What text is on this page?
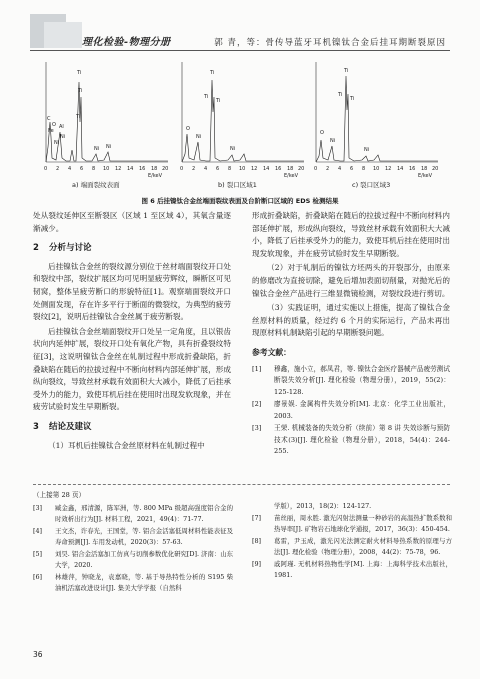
理化检验-物理分册	郭 青，等：骨传导蓝牙耳机镍钛合金后挂耳期断裂原因
Ti
Ti
Ti
C
O
Fe
Al
Ni
Ni
Ni Ni
0 2 4 6 8 10 12 14 16 18 20
E/keV
Ti
Ti
Ti
O
Ni
Ni
0 2 4 6 8 10 12 14 16 18 20
E/keV
Ti
Ti
Ti
O
Ni
Ni
0 2 4 6 8 10 12 14 16 18 20
E/keV
a) 端面裂纹表面	b) 裂口区域1	c) 裂口区域3
图 6 后挂镍钛合金丝端面裂纹表面及台阶断口区域的 EDS 检测结果

处从裂纹延伸区至断裂区（区域 1 至区域 4），其氧含量逐渐减少。

2 分析与讨论

后挂镍钛合金丝的裂纹源分别位于丝材端面裂纹开口处和裂纹中部，裂纹扩展区均可见明显疲劳辉纹，瞬断区可见韧窝，整体呈疲劳断口的形貌特征[1]。观察端面裂纹开口处侧面发现，存在许多平行于断面的微裂纹，为典型的疲劳裂纹[2]，说明后挂镍钛合金丝属于疲劳断裂。

后挂镍钛合金丝端面裂纹开口处呈一定角度，且以银齿状向内延伸扩展，裂纹开口处有氧化产物，具有折叠裂纹特征[3]，这说明镍钛合金丝在轧制过程中形成折叠缺陷，折叠缺陷在随后的拉拔过程中不断向材料内部延伸扩展，形成纵向裂纹，导致丝材承载有效面积大大减小，降低了后挂承受外力的能力，致使耳机后挂在使用时出现发软现象，并在疲劳试验时发生早期断裂。

3 结论及建议

（1）耳机后挂镍钛合金丝原材料在轧制过程中

形成折叠缺陷，折叠缺陷在随后的拉拔过程中不断向材料内部延伸扩展，形成纵向裂纹，导致丝材承载有效面积大大减小，降低了后挂承受外力的能力，致使耳机后挂在使用时出现发软现象，并在疲劳试验时发生早期断裂。

（2）对于轧制后的镍钛方坯两头的开裂部分，由原来的修磨改为直接切除，避免后增加表面切削量，对抛光后的镍钛合金丝产品进行三维显微镜检测，对裂纹段进行剪切。

（3）实践证明，通过实施以上措施，提高了镍钛合金丝原材料的质量，经过约 6 个月的实际运行，产品未再出现原材料轧制缺陷引起的早期断裂问题。

参考文献：
[1]	穆鑫，施小立，郝凤君，等. 镍钛合金医疗器械产品疲劳测试断裂失效分析[J]. 理化检验（物理分册），2019，55(2)：125-128.
[2]	廖景娱. 金属构件失效分析[M]. 北京：化学工业出版社，2003.
[3]	王荣. 机械装备的失效分析（续前）第 8 讲 失效诊断与预防技术(3)[J]. 理化检验（物理分册），2018，54(4)：244-255.
（上接第 28 页）
[3]	臧金鑫，邢清源，陈军洲，等. 800 MPa 级超高强度铝合金的时效析出行为[J]. 材料工程，2021，49(4)：71-77.
[4]	王文杰，许春光，王国堂，等. 铝合金活塞低周材料性能表征及寿命预测[J]. 车用发动机，2020(3)：57-63.
[5]	刘昊. 铝合金活塞加工仿真与切削参数优化研究[D]. 济南：山东大学，2020.
[6]	林雄萍，钟晓龙，袁嘉晓，等. 基于导热特性分析的 S195 柴油机活塞改进设计[J]. 集美大学学报（自然科
学版），2013，18(2)：124-127.
[7]	苗丝丽，周永胜. 激光闪射法测量一种砂岩的高温热扩散系数和热导率[J]. 矿物岩石地球化学通报，2017，36(3)：450-454.
[8]	葛雷，尹玉成，激光闪光法测定耐火材料导热系数的原理与方法[J]. 理化检验（物理分册），2008，44(2)：75-78，96.
[9]	戚阿瑾. 无机材料热物性学[M]. 上海：上海科学技术出版社，1981.
36
